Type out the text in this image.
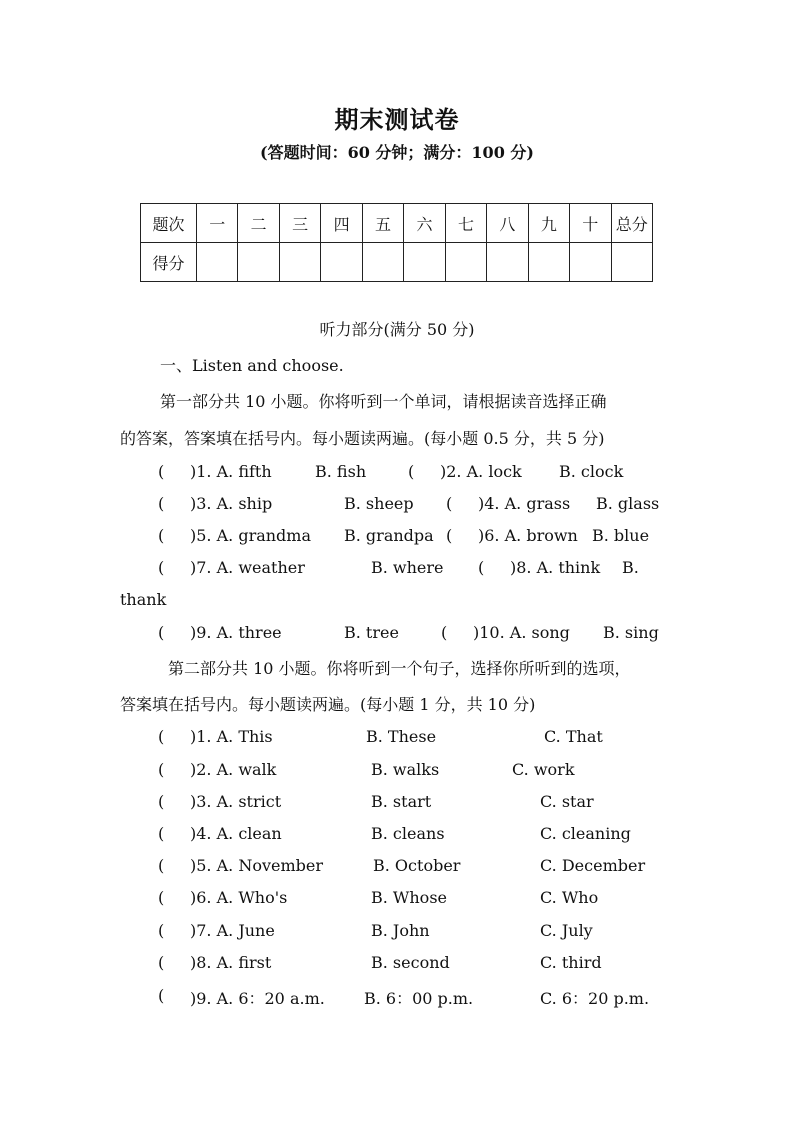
期末测试卷
(答题时间：60 分钟；满分：100 分)
题次	一	二	三	四	五	六	七	八	九	十	总分
得分											
听力部分(满分 50 分)
一、Listen and choose.
第一部分共 10 小题。你将听到一个单词，请根据读音选择正确
的答案，答案填在括号内。每小题读两遍。(每小题 0.5 分，共 5 分)
( )1. A. fifth	B. fish	( )2. A. lock B. clock
( )3. A. ship	B. sheep ( )4. A. grass B. glass
( )5. A. grandma B. grandpa ( )6. A. brown B. blue
( )7. A. weather	B. where ( )8. A. think B.
thank
( )9. A. three	B. tree	( )10. A. song B. sing
第二部分共 10 小题。你将听到一个句子，选择你所听到的选项，
答案填在括号内。每小题读两遍。(每小题 1 分，共 10 分)
( )1. A. This	B. These	C. That
( )2. A. walk	B. walks	C. work
( )3. A. strict	B. start	C. star
( )4. A. clean	B. cleans	C. cleaning
( )5. A. November	B. October	C. December
( )6. A. Who's	B. Whose	C. Who
( )7. A. June	B. John	C. July
( )8. A. first	B. second	C. third
( )9. A. 6：20 a.m. B. 6：00 p.m.	C. 6：20 p.m.
